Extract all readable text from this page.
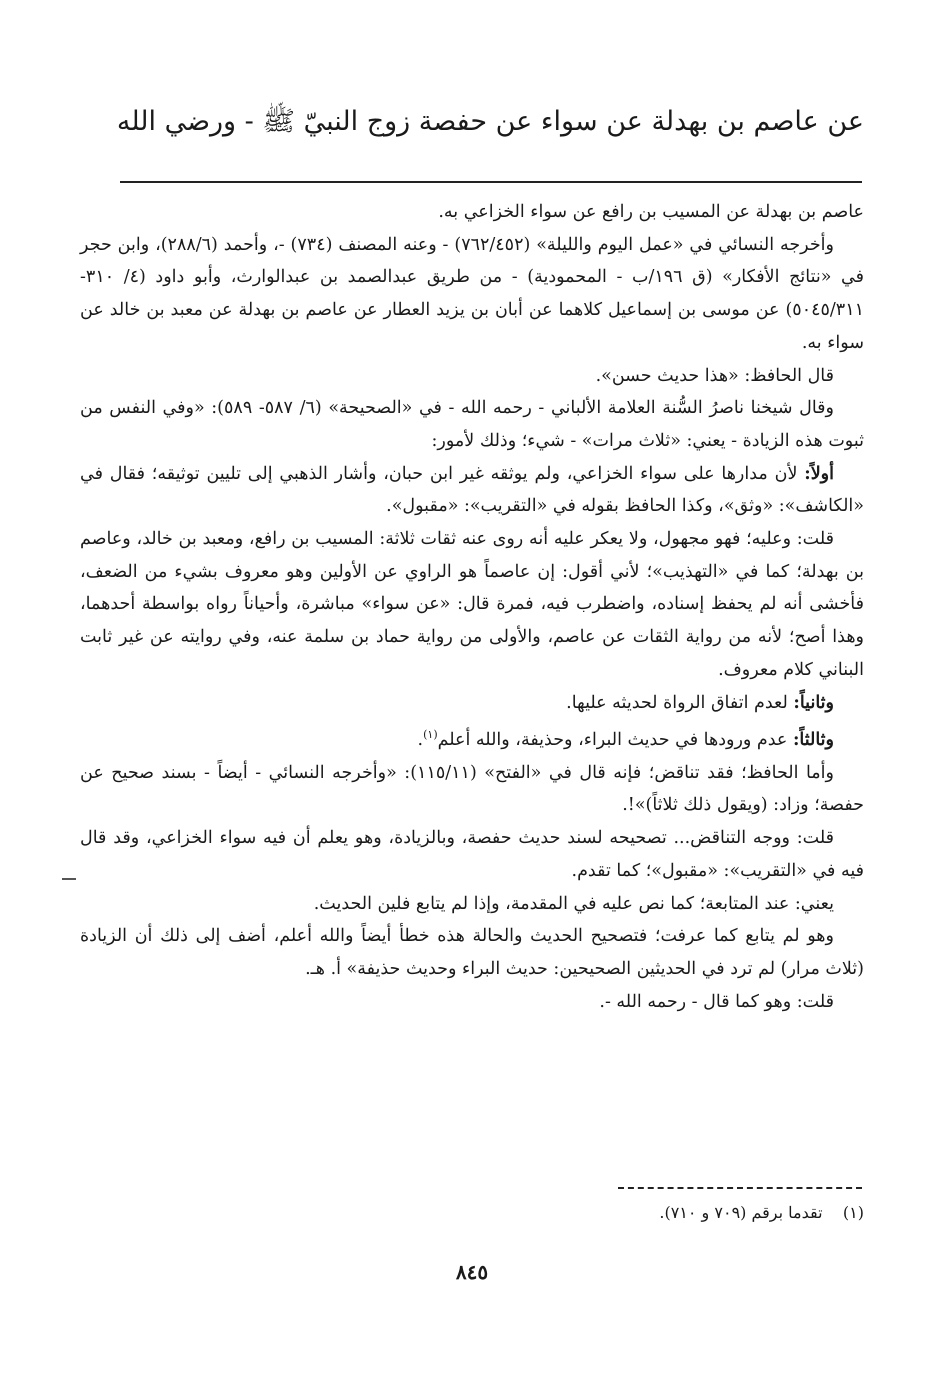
عن عاصم بن بهدلة عن سواء عن حفصة زوج النبيّ ﷺ - ورضي الله

عاصم بن بهدلة عن المسيب بن رافع عن سواء الخزاعي به.

وأخرجه النسائي في «عمل اليوم والليلة» (٧٦٢/٤٥٢) - وعنه المصنف (٧٣٤) -، وأحمد (٢٨٨/٦)، وابن حجر في «نتائج الأفكار» (ق ١٩٦/ب - المحمودية) - من طريق عبدالصمد بن عبدالوارث، وأبو داود (٤/ ٣١٠- ٥٠٤٥/٣١١) عن موسى بن إسماعيل كلاهما عن أبان بن يزيد العطار عن عاصم بن بهدلة عن معبد بن خالد عن سواء به.

قال الحافظ: «هذا حديث حسن».

وقال شيخنا ناصرُ السُّنة العلامة الألباني - رحمه الله - في «الصحيحة» (٦/ ٥٨٧- ٥٨٩): «وفي النفس من ثبوت هذه الزيادة - يعني: «ثلاث مرات» - شيء؛ وذلك لأمور:

أولاً: لأن مدارها على سواء الخزاعي، ولم يوثقه غير ابن حبان، وأشار الذهبي إلى تليين توثيقه؛ فقال في «الكاشف»: «وثق»، وكذا الحافظ بقوله في «التقريب»: «مقبول».

قلت: وعليه؛ فهو مجهول، ولا يعكر عليه أنه روى عنه ثقات ثلاثة: المسيب بن رافع، ومعبد بن خالد، وعاصم بن بهدلة؛ كما في «التهذيب»؛ لأني أقول: إن عاصماً هو الراوي عن الأولين وهو معروف بشيء من الضعف، فأخشى أنه لم يحفظ إسناده، واضطرب فيه، فمرة قال: «عن سواء» مباشرة، وأحياناً رواه بواسطة أحدهما، وهذا أصح؛ لأنه من رواية الثقات عن عاصم، والأولى من رواية حماد بن سلمة عنه، وفي روايته عن غير ثابت البناني كلام معروف.

وثانياً: لعدم اتفاق الرواة لحديثه عليها.

وثالثاً: عدم ورودها في حديث البراء، وحذيفة، والله أعلم$^{(١)}$.

وأما الحافظ؛ فقد تناقض؛ فإنه قال في «الفتح» (١١٥/١١): «وأخرجه النسائي - أيضاً - بسند صحيح عن حفصة؛ وزاد: (ويقول ذلك ثلاثاً)»!.

قلت: ووجه التناقض... تصحيحه لسند حديث حفصة، وبالزيادة، وهو يعلم أن فيه سواء الخزاعي، وقد قال فيه في «التقريب»: «مقبول»؛ كما تقدم.

يعني: عند المتابعة؛ كما نص عليه في المقدمة، وإذا لم يتابع فلين الحديث.

وهو لم يتابع كما عرفت؛ فتصحيح الحديث والحالة هذه خطأ أيضاً والله أعلم، أضف إلى ذلك أن الزيادة (ثلاث مرار) لم ترد في الحديثين الصحيحين: حديث البراء وحديث حذيفة» أ. هـ.

قلت: وهو كما قال - رحمه الله -.

(١)    تقدما برقم (٧٠٩ و ٧١٠).
٨٤٥
